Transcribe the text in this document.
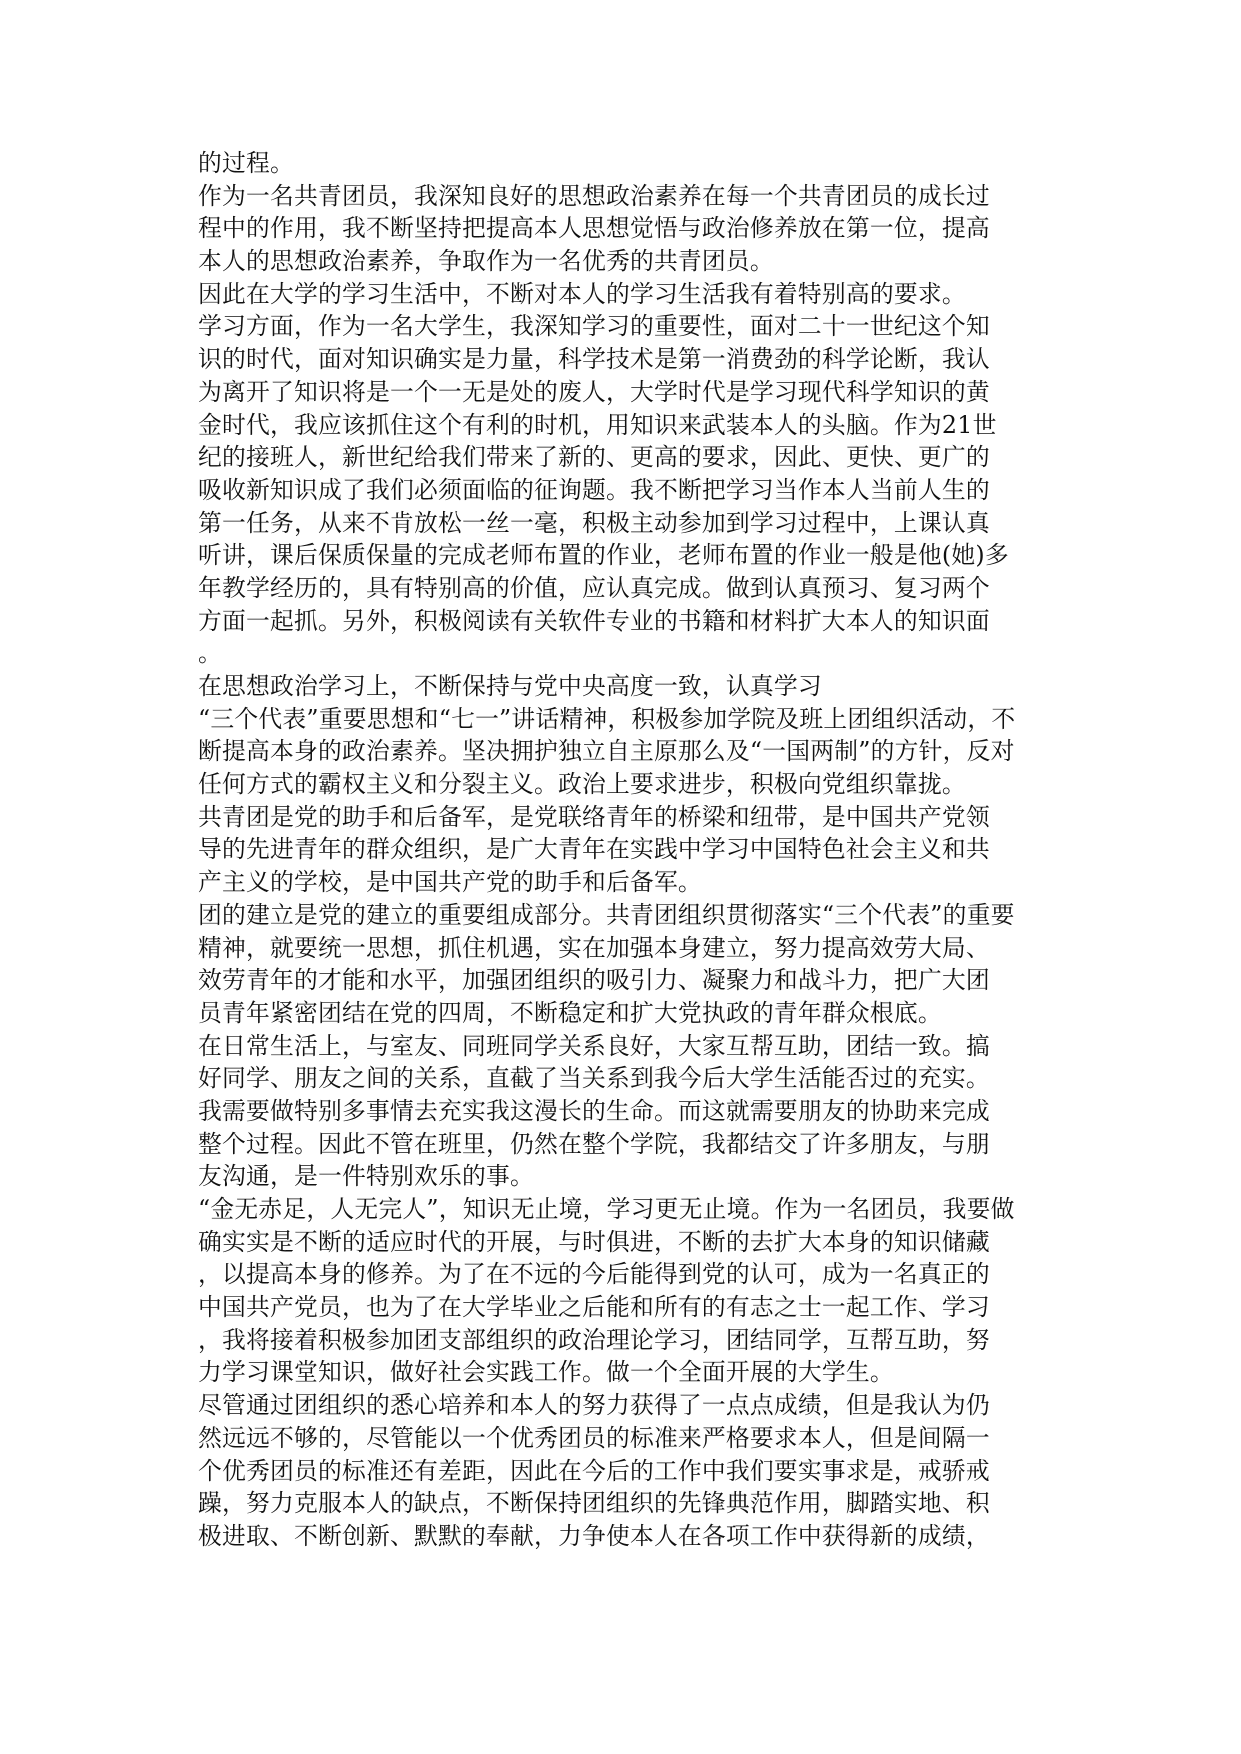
的过程。
作为一名共青团员，我深知良好的思想政治素养在每一个共青团员的成长过
程中的作用，我不断坚持把提高本人思想觉悟与政治修养放在第一位，提高
本人的思想政治素养，争取作为一名优秀的共青团员。
因此在大学的学习生活中，不断对本人的学习生活我有着特别高的要求。
学习方面，作为一名大学生，我深知学习的重要性，面对二十一世纪这个知
识的时代，面对知识确实是力量，科学技术是第一消费劲的科学论断，我认
为离开了知识将是一个一无是处的废人，大学时代是学习现代科学知识的黄
金时代，我应该抓住这个有利的时机，用知识来武装本人的头脑。作为21世
纪的接班人，新世纪给我们带来了新的、更高的要求，因此、更快、更广的
吸收新知识成了我们必须面临的征询题。我不断把学习当作本人当前人生的
第一任务，从来不肯放松一丝一毫，积极主动参加到学习过程中，上课认真
听讲，课后保质保量的完成老师布置的作业，老师布置的作业一般是他(她)多
年教学经历的，具有特别高的价值，应认真完成。做到认真预习、复习两个
方面一起抓。另外，积极阅读有关软件专业的书籍和材料扩大本人的知识面
。
在思想政治学习上，不断保持与党中央高度一致，认真学习
“三个代表”重要思想和“七一”讲话精神，积极参加学院及班上团组织活动，不
断提高本身的政治素养。坚决拥护独立自主原那么及“一国两制”的方针，反对
任何方式的霸权主义和分裂主义。政治上要求进步，积极向党组织靠拢。
共青团是党的助手和后备军，是党联络青年的桥梁和纽带，是中国共产党领
导的先进青年的群众组织，是广大青年在实践中学习中国特色社会主义和共
产主义的学校，是中国共产党的助手和后备军。
团的建立是党的建立的重要组成部分。共青团组织贯彻落实“三个代表”的重要
精神，就要统一思想，抓住机遇，实在加强本身建立，努力提高效劳大局、
效劳青年的才能和水平，加强团组织的吸引力、凝聚力和战斗力，把广大团
员青年紧密团结在党的四周，不断稳定和扩大党执政的青年群众根底。
在日常生活上，与室友、同班同学关系良好，大家互帮互助，团结一致。搞
好同学、朋友之间的关系，直截了当关系到我今后大学生活能否过的充实。
我需要做特别多事情去充实我这漫长的生命。而这就需要朋友的协助来完成
整个过程。因此不管在班里，仍然在整个学院，我都结交了许多朋友，与朋
友沟通，是一件特别欢乐的事。
“金无赤足，人无完人”，知识无止境，学习更无止境。作为一名团员，我要做
确实实是不断的适应时代的开展，与时俱进，不断的去扩大本身的知识储藏
，以提高本身的修养。为了在不远的今后能得到党的认可，成为一名真正的
中国共产党员，也为了在大学毕业之后能和所有的有志之士一起工作、学习
，我将接着积极参加团支部组织的政治理论学习，团结同学，互帮互助，努
力学习课堂知识，做好社会实践工作。做一个全面开展的大学生。
尽管通过团组织的悉心培养和本人的努力获得了一点点成绩，但是我认为仍
然远远不够的，尽管能以一个优秀团员的标准来严格要求本人，但是间隔一
个优秀团员的标准还有差距，因此在今后的工作中我们要实事求是，戒骄戒
躁，努力克服本人的缺点，不断保持团组织的先锋典范作用，脚踏实地、积
极进取、不断创新、默默的奉献，力争使本人在各项工作中获得新的成绩，
